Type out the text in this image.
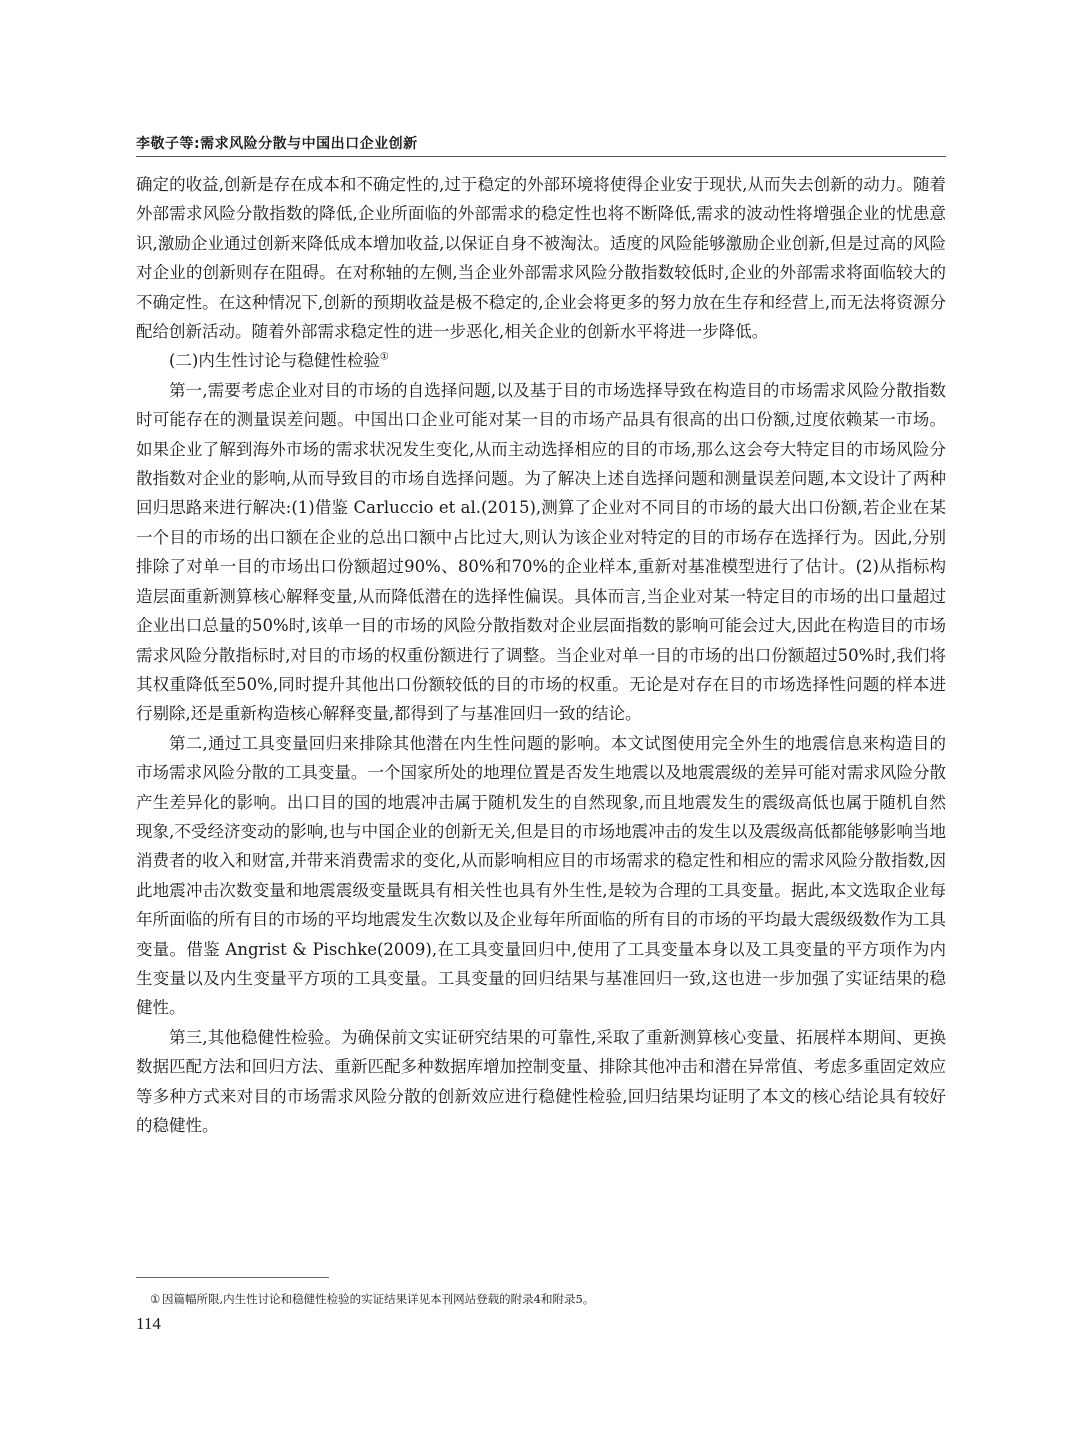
李敬子等:需求风险分散与中国出口企业创新

确定的收益,创新是存在成本和不确定性的,过于稳定的外部环境将使得企业安于现状,从而失去创新的动力。随着外部需求风险分散指数的降低,企业所面临的外部需求的稳定性也将不断降低,需求的波动性将增强企业的忧患意识,激励企业通过创新来降低成本增加收益,以保证自身不被淘汰。适度的风险能够激励企业创新,但是过高的风险对企业的创新则存在阻碍。在对称轴的左侧,当企业外部需求风险分散指数较低时,企业的外部需求将面临较大的不确定性。在这种情况下,创新的预期收益是极不稳定的,企业会将更多的努力放在生存和经营上,而无法将资源分配给创新活动。随着外部需求稳定性的进一步恶化,相关企业的创新水平将进一步降低。

(二)内生性讨论与稳健性检验①

第一,需要考虑企业对目的市场的自选择问题,以及基于目的市场选择导致在构造目的市场需求风险分散指数时可能存在的测量误差问题。中国出口企业可能对某一目的市场产品具有很高的出口份额,过度依赖某一市场。如果企业了解到海外市场的需求状况发生变化,从而主动选择相应的目的市场,那么这会夸大特定目的市场风险分散指数对企业的影响,从而导致目的市场自选择问题。为了解决上述自选择问题和测量误差问题,本文设计了两种回归思路来进行解决:(1)借鉴 Carluccio et al.(2015),测算了企业对不同目的市场的最大出口份额,若企业在某一个目的市场的出口额在企业的总出口额中占比过大,则认为该企业对特定的目的市场存在选择行为。因此,分别排除了对单一目的市场出口份额超过90%、80%和70%的企业样本,重新对基准模型进行了估计。(2)从指标构造层面重新测算核心解释变量,从而降低潜在的选择性偏误。具体而言,当企业对某一特定目的市场的出口量超过企业出口总量的50%时,该单一目的市场的风险分散指数对企业层面指数的影响可能会过大,因此在构造目的市场需求风险分散指标时,对目的市场的权重份额进行了调整。当企业对单一目的市场的出口份额超过50%时,我们将其权重降低至50%,同时提升其他出口份额较低的目的市场的权重。无论是对存在目的市场选择性问题的样本进行剔除,还是重新构造核心解释变量,都得到了与基准回归一致的结论。

第二,通过工具变量回归来排除其他潜在内生性问题的影响。本文试图使用完全外生的地震信息来构造目的市场需求风险分散的工具变量。一个国家所处的地理位置是否发生地震以及地震震级的差异可能对需求风险分散产生差异化的影响。出口目的国的地震冲击属于随机发生的自然现象,而且地震发生的震级高低也属于随机自然现象,不受经济变动的影响,也与中国企业的创新无关,但是目的市场地震冲击的发生以及震级高低都能够影响当地消费者的收入和财富,并带来消费需求的变化,从而影响相应目的市场需求的稳定性和相应的需求风险分散指数,因此地震冲击次数变量和地震震级变量既具有相关性也具有外生性,是较为合理的工具变量。据此,本文选取企业每年所面临的所有目的市场的平均地震发生次数以及企业每年所面临的所有目的市场的平均最大震级级数作为工具变量。借鉴 Angrist & Pischke(2009),在工具变量回归中,使用了工具变量本身以及工具变量的平方项作为内生变量以及内生变量平方项的工具变量。工具变量的回归结果与基准回归一致,这也进一步加强了实证结果的稳健性。

第三,其他稳健性检验。为确保前文实证研究结果的可靠性,采取了重新测算核心变量、拓展样本期间、更换数据匹配方法和回归方法、重新匹配多种数据库增加控制变量、排除其他冲击和潜在异常值、考虑多重固定效应等多种方式来对目的市场需求风险分散的创新效应进行稳健性检验,回归结果均证明了本文的核心结论具有较好的稳健性。

① 因篇幅所限,内生性讨论和稳健性检验的实证结果详见本刊网站登载的附录4和附录5。
114
